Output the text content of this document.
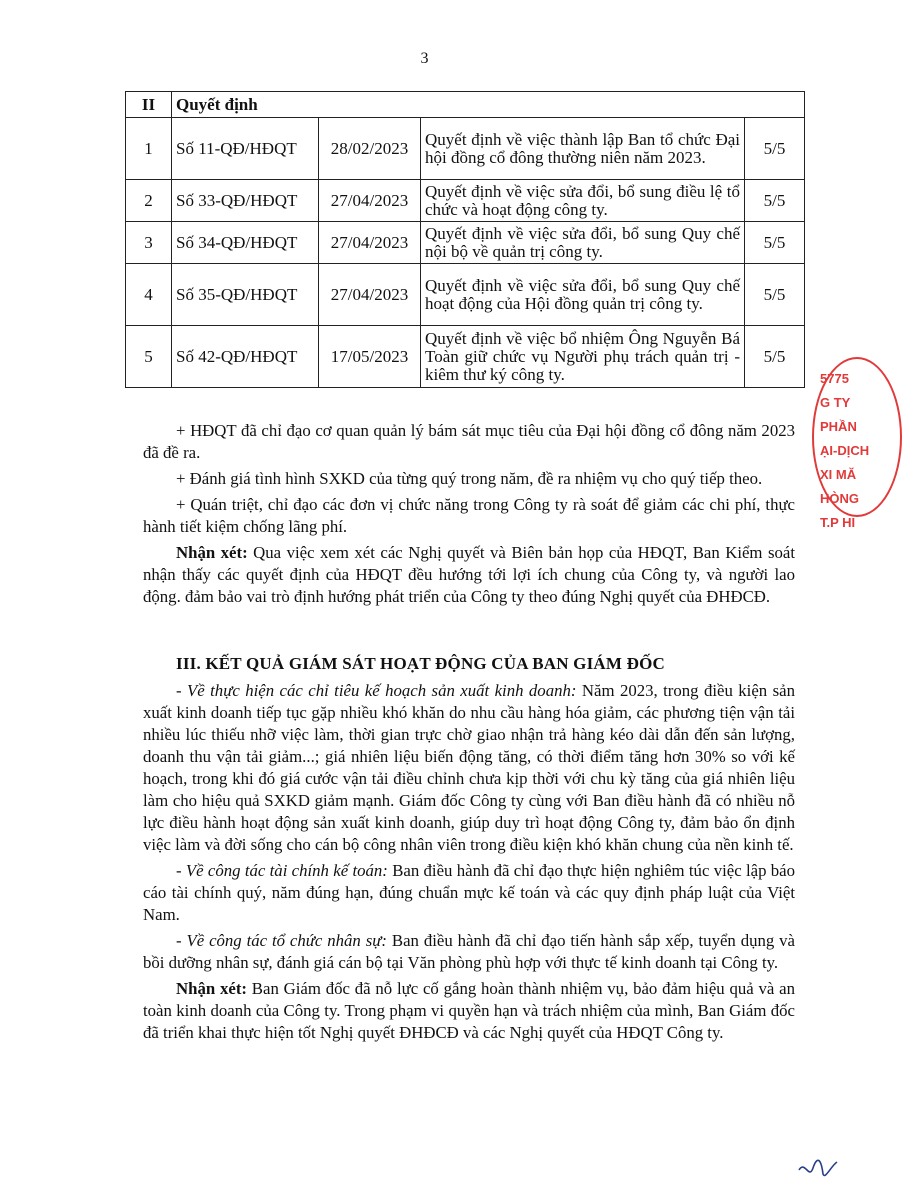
3
II	Quyết định			
1	Số 11-QĐ/HĐQT	28/02/2023	Quyết định về việc thành lập Ban tổ chức Đại hội đồng cổ đông thường niên năm 2023.	5/5
2	Số 33-QĐ/HĐQT	27/04/2023	Quyết định về việc sửa đổi, bổ sung điều lệ tổ chức và hoạt động công ty.	5/5
3	Số 34-QĐ/HĐQT	27/04/2023	Quyết định về việc sửa đổi, bổ sung Quy chế nội bộ về quản trị công ty.	5/5
4	Số 35-QĐ/HĐQT	27/04/2023	Quyết định về việc sửa đổi, bổ sung Quy chế hoạt động của Hội đồng quản trị công ty.	5/5
5	Số 42-QĐ/HĐQT	17/05/2023	Quyết định về việc bổ nhiệm Ông Nguyễn Bá Toàn giữ chức vụ Người phụ trách quản trị - kiêm thư ký công ty.	5/5
5775
G TY
PHẦN
ẠI-DỊCH
XI MĂ
HÒNG
T.P HI

+ HĐQT đã chỉ đạo cơ quan quản lý bám sát mục tiêu của Đại hội đồng cổ đông năm 2023 đã đề ra.

+ Đánh giá tình hình SXKD của từng quý trong năm, đề ra nhiệm vụ cho quý tiếp theo.

+ Quán triệt, chỉ đạo các đơn vị chức năng trong Công ty rà soát để giảm các chi phí, thực hành tiết kiệm chống lãng phí.

Nhận xét: Qua việc xem xét các Nghị quyết và Biên bản họp của HĐQT, Ban Kiểm soát nhận thấy các quyết định của HĐQT đều hướng tới lợi ích chung của Công ty, và người lao động. đảm bảo vai trò định hướng phát triển của Công ty theo đúng Nghị quyết của ĐHĐCĐ.

III. KẾT QUẢ GIÁM SÁT HOẠT ĐỘNG CỦA BAN GIÁM ĐỐC

- Về thực hiện các chỉ tiêu kế hoạch sản xuất kinh doanh: Năm 2023, trong điều kiện sản xuất kinh doanh tiếp tục gặp nhiều khó khăn do nhu cầu hàng hóa giảm, các phương tiện vận tải nhiều lúc thiếu nhỡ việc làm, thời gian trực chờ giao nhận trả hàng kéo dài dẫn đến sản lượng, doanh thu vận tải giảm...; giá nhiên liệu biến động tăng, có thời điểm tăng hơn 30% so với kế hoạch, trong khi đó giá cước vận tải điều chỉnh chưa kịp thời với chu kỳ tăng của giá nhiên liệu làm cho hiệu quả SXKD giảm mạnh. Giám đốc Công ty cùng với Ban điều hành đã có nhiều nỗ lực điều hành hoạt động sản xuất kinh doanh, giúp duy trì hoạt động Công ty, đảm bảo ổn định việc làm và đời sống cho cán bộ công nhân viên trong điều kiện khó khăn chung của nền kinh tế.

- Về công tác tài chính kế toán: Ban điều hành đã chỉ đạo thực hiện nghiêm túc việc lập báo cáo tài chính quý, năm đúng hạn, đúng chuẩn mực kế toán và các quy định pháp luật của Việt Nam.

- Về công tác tổ chức nhân sự: Ban điều hành đã chỉ đạo tiến hành sắp xếp, tuyển dụng và bồi dưỡng nhân sự, đánh giá cán bộ tại Văn phòng phù hợp với thực tế kinh doanh tại Công ty.

Nhận xét: Ban Giám đốc đã nỗ lực cố gắng hoàn thành nhiệm vụ, bảo đảm hiệu quả và an toàn kinh doanh của Công ty. Trong phạm vi quyền hạn và trách nhiệm của mình, Ban Giám đốc đã triển khai thực hiện tốt Nghị quyết ĐHĐCĐ và các Nghị quyết của HĐQT Công ty.
